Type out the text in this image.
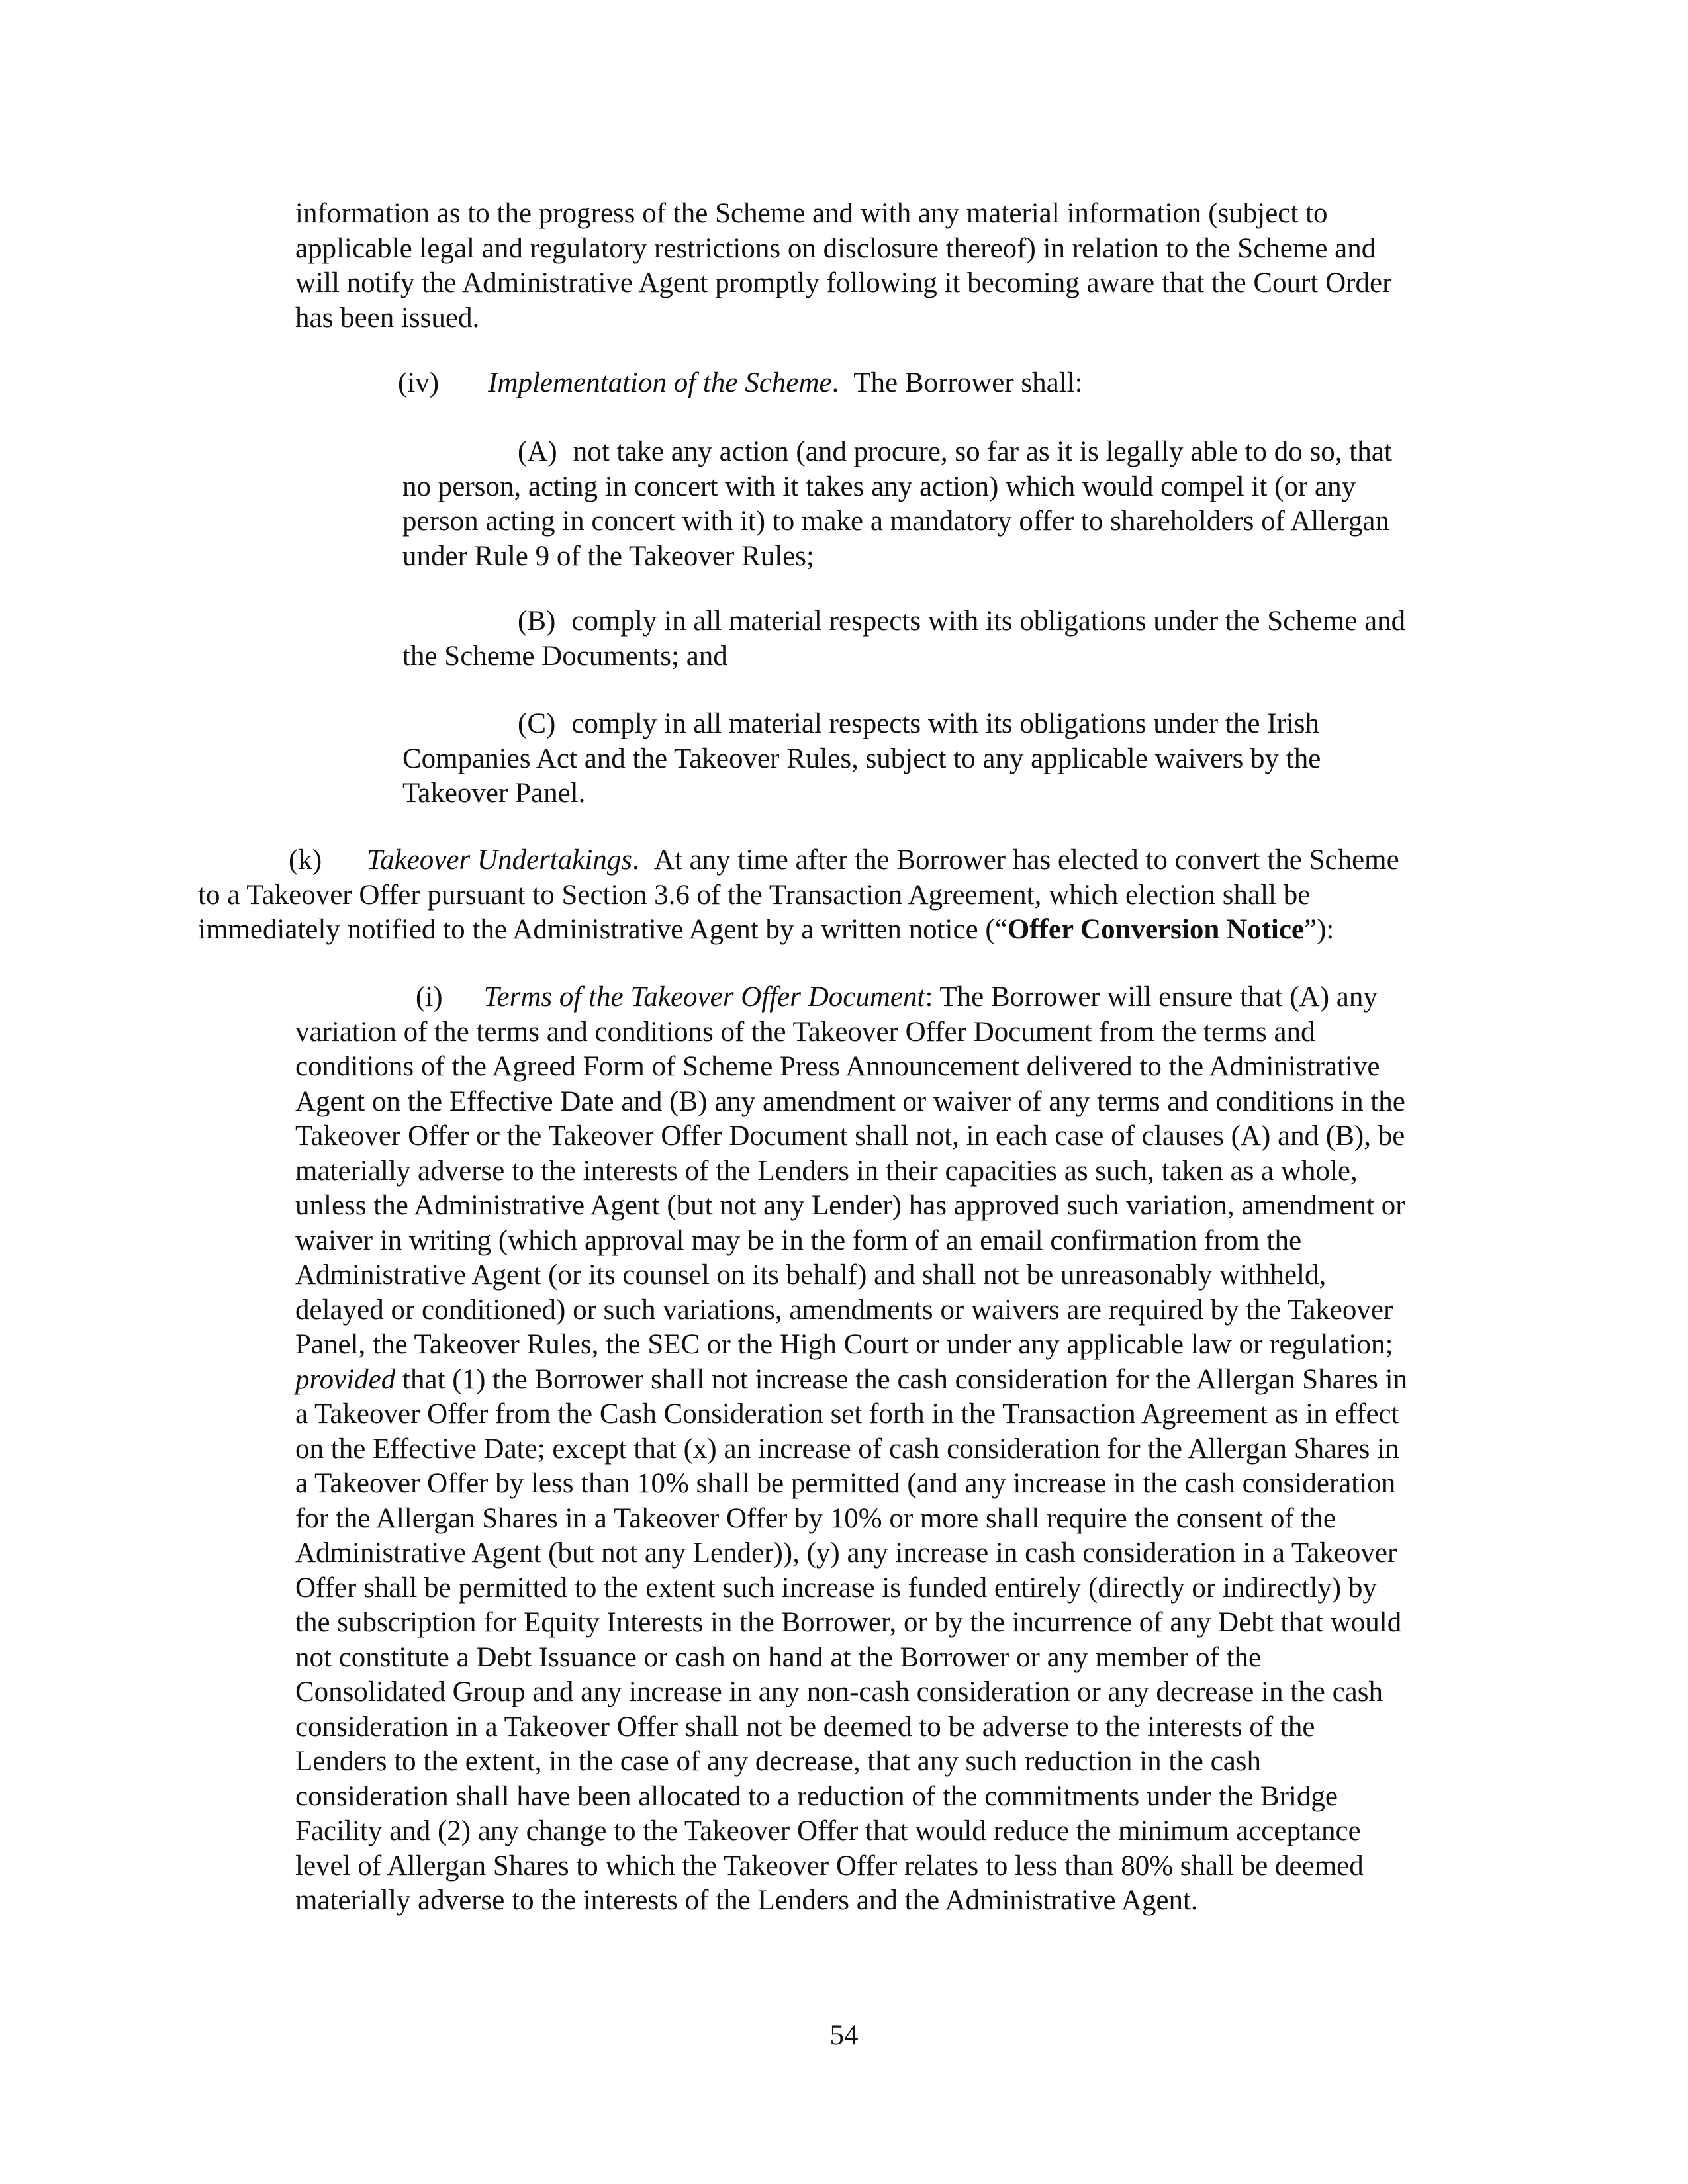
information as to the progress of the Scheme and with any material information (subject to
applicable legal and regulatory restrictions on disclosure thereof) in relation to the Scheme and
will notify the Administrative Agent promptly following it becoming aware that the Court Order
has been issued.
(iv) Implementation of the Scheme. The Borrower shall:
(A) not take any action (and procure, so far as it is legally able to do so, that
no person, acting in concert with it takes any action) which would compel it (or any
person acting in concert with it) to make a mandatory offer to shareholders of Allergan
under Rule 9 of the Takeover Rules;
(B) comply in all material respects with its obligations under the Scheme and
the Scheme Documents; and
(C) comply in all material respects with its obligations under the Irish
Companies Act and the Takeover Rules, subject to any applicable waivers by the
Takeover Panel.
(k) Takeover Undertakings. At any time after the Borrower has elected to convert the Scheme
to a Takeover Offer pursuant to Section 3.6 of the Transaction Agreement, which election shall be
immediately notified to the Administrative Agent by a written notice (“Offer Conversion Notice”):
(i) Terms of the Takeover Offer Document: The Borrower will ensure that (A) any
variation of the terms and conditions of the Takeover Offer Document from the terms and
conditions of the Agreed Form of Scheme Press Announcement delivered to the Administrative
Agent on the Effective Date and (B) any amendment or waiver of any terms and conditions in the
Takeover Offer or the Takeover Offer Document shall not, in each case of clauses (A) and (B), be
materially adverse to the interests of the Lenders in their capacities as such, taken as a whole,
unless the Administrative Agent (but not any Lender) has approved such variation, amendment or
waiver in writing (which approval may be in the form of an email confirmation from the
Administrative Agent (or its counsel on its behalf) and shall not be unreasonably withheld,
delayed or conditioned) or such variations, amendments or waivers are required by the Takeover
Panel, the Takeover Rules, the SEC or the High Court or under any applicable law or regulation;
provided that (1) the Borrower shall not increase the cash consideration for the Allergan Shares in
a Takeover Offer from the Cash Consideration set forth in the Transaction Agreement as in effect
on the Effective Date; except that (x) an increase of cash consideration for the Allergan Shares in
a Takeover Offer by less than 10% shall be permitted (and any increase in the cash consideration
for the Allergan Shares in a Takeover Offer by 10% or more shall require the consent of the
Administrative Agent (but not any Lender)), (y) any increase in cash consideration in a Takeover
Offer shall be permitted to the extent such increase is funded entirely (directly or indirectly) by
the subscription for Equity Interests in the Borrower, or by the incurrence of any Debt that would
not constitute a Debt Issuance or cash on hand at the Borrower or any member of the
Consolidated Group and any increase in any non-cash consideration or any decrease in the cash
consideration in a Takeover Offer shall not be deemed to be adverse to the interests of the
Lenders to the extent, in the case of any decrease, that any such reduction in the cash
consideration shall have been allocated to a reduction of the commitments under the Bridge
Facility and (2) any change to the Takeover Offer that would reduce the minimum acceptance
level of Allergan Shares to which the Takeover Offer relates to less than 80% shall be deemed
materially adverse to the interests of the Lenders and the Administrative Agent.
54
